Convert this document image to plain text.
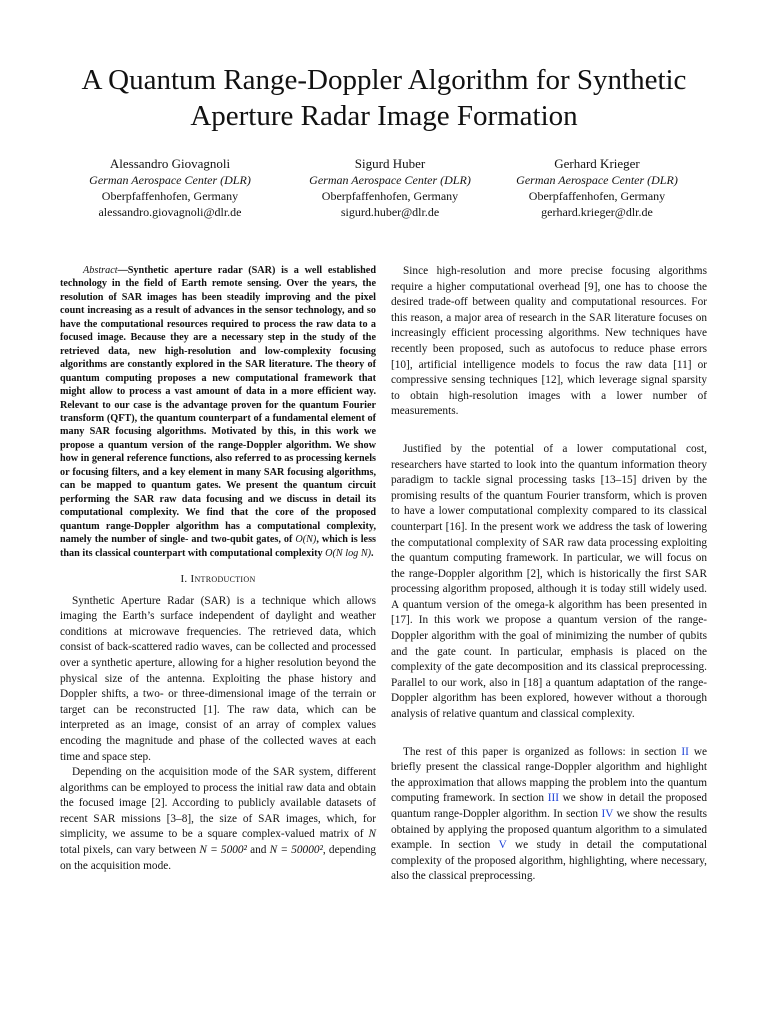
A Quantum Range-Doppler Algorithm for Synthetic
Aperture Radar Image Formation
Alessandro Giovagnoli
German Aerospace Center (DLR)
Oberpfaffenhofen, Germany
alessandro.giovagnoli@dlr.de
Sigurd Huber
German Aerospace Center (DLR)
Oberpfaffenhofen, Germany
sigurd.huber@dlr.de
Gerhard Krieger
German Aerospace Center (DLR)
Oberpfaffenhofen, Germany
gerhard.krieger@dlr.de

Abstract—Synthetic aperture radar (SAR) is a well established technology in the field of Earth remote sensing. Over the years, the resolution of SAR images has been steadily improving and the pixel count increasing as a result of advances in the sensor technology, and so have the computational resources required to process the raw data to a focused image. Because they are a necessary step in the study of the retrieved data, new high-resolution and low-complexity focusing algorithms are constantly explored in the SAR literature. The theory of quantum computing proposes a new computational framework that might allow to process a vast amount of data in a more efficient way. Relevant to our case is the advantage proven for the quantum Fourier transform (QFT), the quantum counterpart of a fundamental element of many SAR focusing algorithms. Motivated by this, in this work we propose a quantum version of the range-Doppler algorithm. We show how in general reference functions, also referred to as processing kernels or focusing filters, and a key element in many SAR focusing algorithms, can be mapped to quantum gates. We present the quantum circuit performing the SAR raw data focusing and we discuss in detail its computational complexity. We find that the core of the proposed quantum range-Doppler algorithm has a computational complexity, namely the number of single- and two-qubit gates, of O(N), which is less than its classical counterpart with computational complexity O(N log N).

I. Introduction

Synthetic Aperture Radar (SAR) is a technique which allows imaging the Earth’s surface independent of daylight and weather conditions at microwave frequencies. The retrieved data, which consist of back-scattered radio waves, can be collected and processed over a synthetic aperture, allowing for a higher resolution beyond the physical size of the antenna. Exploiting the phase history and Doppler shifts, a two- or three-dimensional image of the terrain or target can be reconstructed [1]. The raw data, which can be interpreted as an image, consist of an array of complex values encoding the magnitude and phase of the collected waves at each time and space step.

Depending on the acquisition mode of the SAR system, different algorithms can be employed to process the initial raw data and obtain the focused image [2]. According to publicly available datasets of recent SAR missions [3–8], the size of SAR images, which, for simplicity, we assume to be a square complex-valued matrix of N total pixels, can vary between N = 5000² and N = 50000², depending on the acquisition mode.

Since high-resolution and more precise focusing algorithms require a higher computational overhead [9], one has to choose the desired trade-off between quality and computational resources. For this reason, a major area of research in the SAR literature focuses on increasingly efficient processing algorithms. New techniques have recently been proposed, such as autofocus to reduce phase errors [10], artificial intelligence models to focus the raw data [11] or compressive sensing techniques [12], which leverage signal sparsity to obtain high-resolution images with a lower number of measurements.

Justified by the potential of a lower computational cost, researchers have started to look into the quantum information theory paradigm to tackle signal processing tasks [13–15] driven by the promising results of the quantum Fourier transform, which is proven to have a lower computational complexity compared to its classical counterpart [16]. In the present work we address the task of lowering the computational complexity of SAR raw data processing exploiting the quantum computing framework. In particular, we will focus on the range-Doppler algorithm [2], which is historically the first SAR processing algorithm proposed, although it is today still widely used. A quantum version of the omega-k algorithm has been presented in [17]. In this work we propose a quantum version of the range-Doppler algorithm with the goal of minimizing the number of qubits and the gate count. In particular, emphasis is placed on the complexity of the gate decomposition and its classical preprocessing. Parallel to our work, also in [18] a quantum adaptation of the range-Doppler algorithm has been explored, however without a thorough analysis of relative quantum and classical complexity.

The rest of this paper is organized as follows: in section II we briefly present the classical range-Doppler algorithm and highlight the approximation that allows mapping the problem into the quantum computing framework. In section III we show in detail the proposed quantum range-Doppler algorithm. In section IV we show the results obtained by applying the proposed quantum algorithm to a simulated example. In section V we study in detail the computational complexity of the proposed algorithm, highlighting, where necessary, also the classical preprocessing.
